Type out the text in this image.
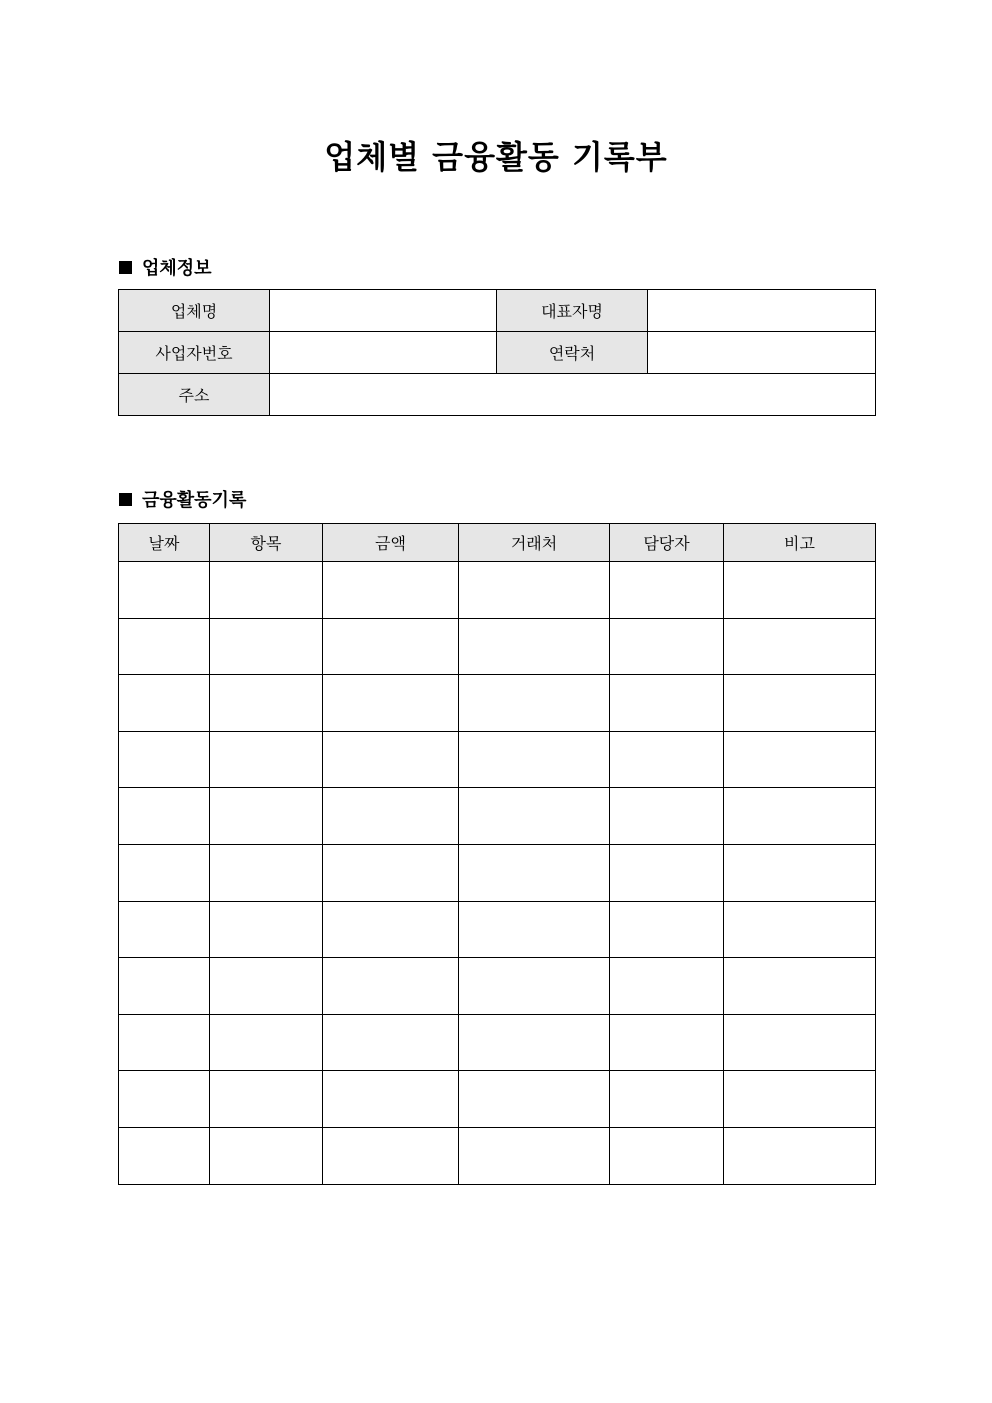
업체별 금융활동 기록부
업체정보
업체명		대표자명	
사업자번호		연락처	
주소			
금융활동기록
날짜	항목	금액	거래처	담당자	비고
